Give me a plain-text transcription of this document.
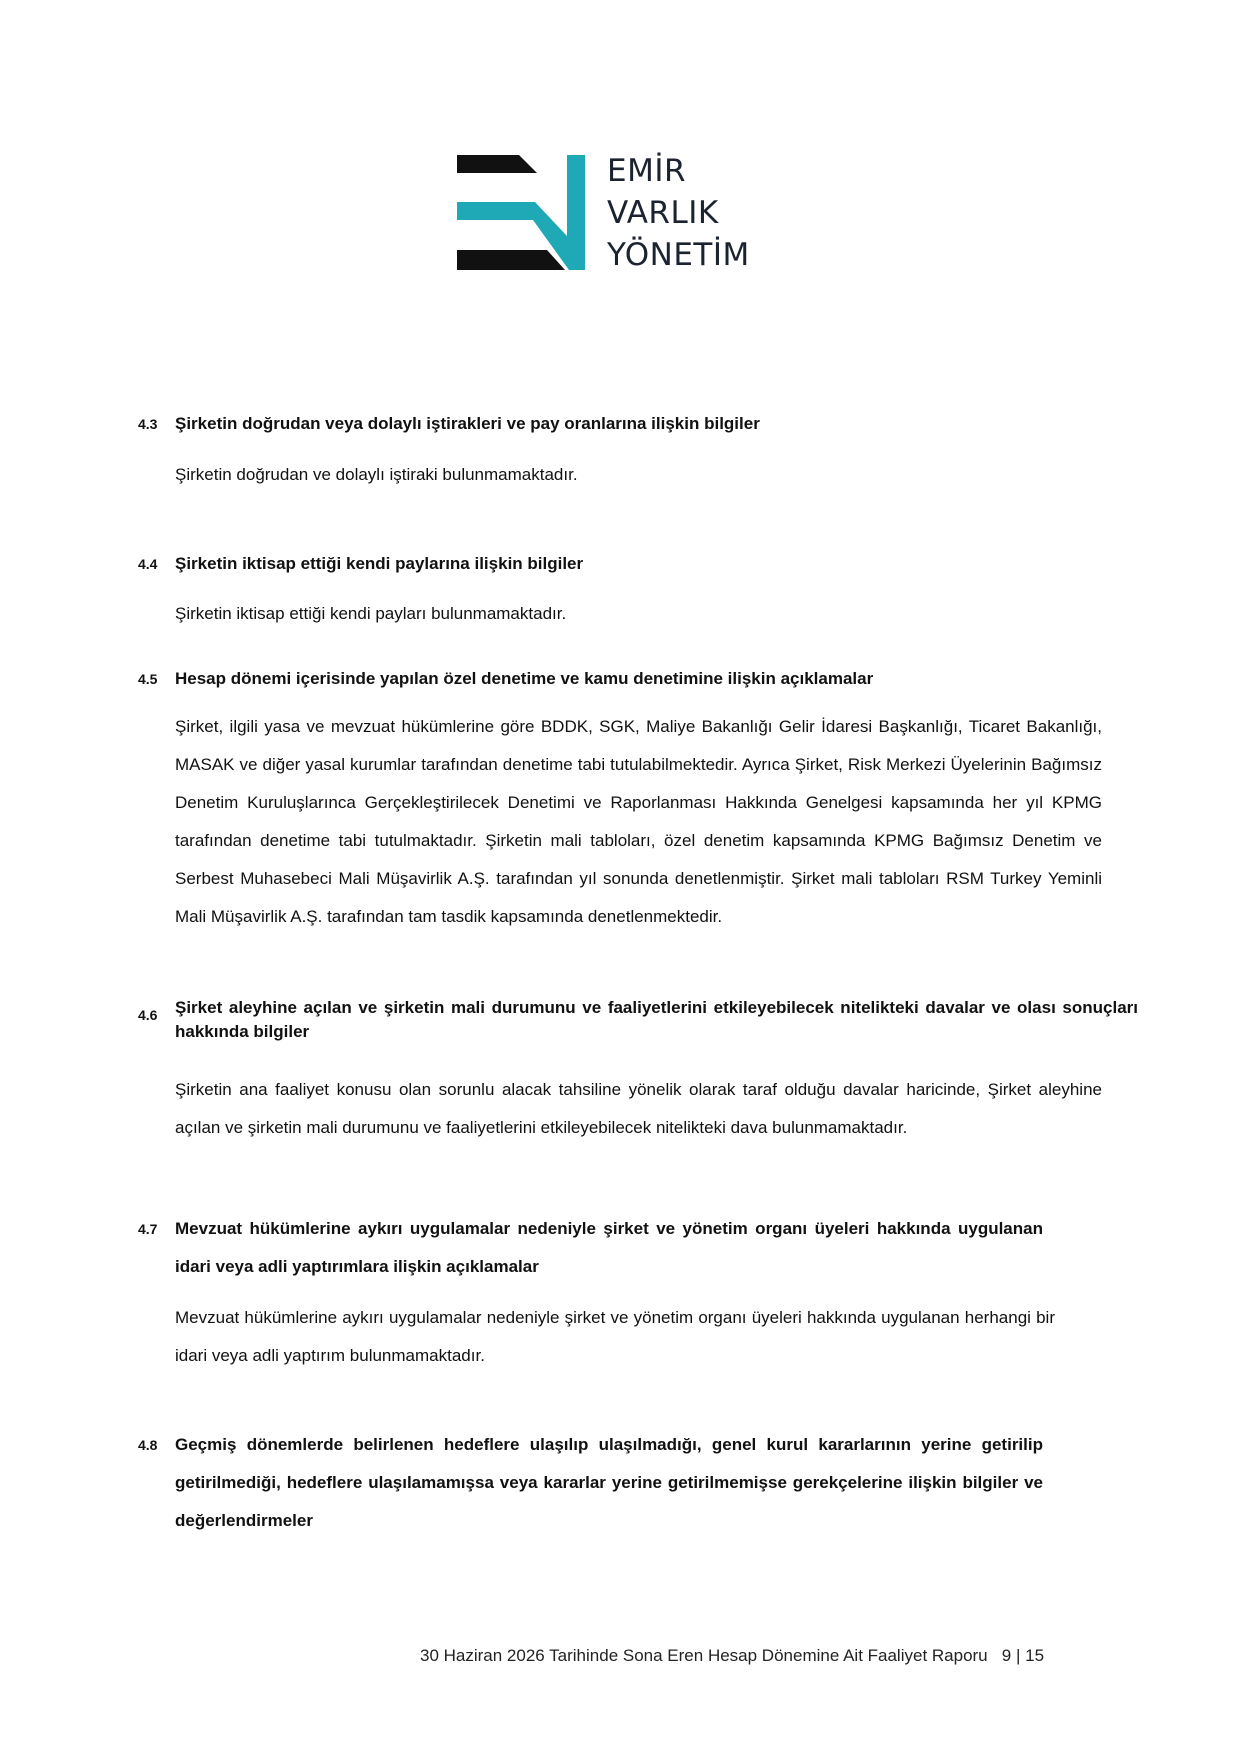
EMİR
VARLIK
YÖNETİM
4.3	Şirketin doğrudan veya dolaylı iştirakleri ve pay oranlarına ilişkin bilgiler
Şirketin doğrudan ve dolaylı iştiraki bulunmamaktadır.
4.4	Şirketin iktisap ettiği kendi paylarına ilişkin bilgiler
Şirketin iktisap ettiği kendi payları bulunmamaktadır.
4.5	Hesap dönemi içerisinde yapılan özel denetime ve kamu denetimine ilişkin açıklamalar
Şirket, ilgili yasa ve mevzuat hükümlerine göre BDDK, SGK, Maliye Bakanlığı Gelir İdaresi Başkanlığı, Ticaret Bakanlığı, MASAK ve diğer yasal kurumlar tarafından denetime tabi tutulabilmektedir. Ayrıca Şirket, Risk Merkezi Üyelerinin Bağımsız Denetim Kuruluşlarınca Gerçekleştirilecek Denetimi ve Raporlanması Hakkında Genelgesi kapsamında her yıl KPMG tarafından denetime tabi tutulmaktadır. Şirketin mali tabloları, özel denetim kapsamında KPMG Bağımsız Denetim ve Serbest Muhasebeci Mali Müşavirlik A.Ş. tarafından yıl sonunda denetlenmiştir. Şirket mali tabloları RSM Turkey Yeminli Mali Müşavirlik A.Ş. tarafından tam tasdik kapsamında denetlenmektedir.
4.6	Şirket aleyhine açılan ve şirketin mali durumunu ve faaliyetlerini etkileyebilecek nitelikteki davalar ve olası sonuçları hakkında bilgiler
Şirketin ana faaliyet konusu olan sorunlu alacak tahsiline yönelik olarak taraf olduğu davalar haricinde, Şirket aleyhine açılan ve şirketin mali durumunu ve faaliyetlerini etkileyebilecek nitelikteki dava bulunmamaktadır.
4.7	Mevzuat hükümlerine aykırı uygulamalar nedeniyle şirket ve yönetim organı üyeleri hakkında uygulanan idari veya adli yaptırımlara ilişkin açıklamalar
Mevzuat hükümlerine aykırı uygulamalar nedeniyle şirket ve yönetim organı üyeleri hakkında uygulanan herhangi bir idari veya adli yaptırım bulunmamaktadır.
4.8	Geçmiş dönemlerde belirlenen hedeflere ulaşılıp ulaşılmadığı, genel kurul kararlarının yerine getirilip getirilmediği, hedeflere ulaşılamamışsa veya kararlar yerine getirilmemişse gerekçelerine ilişkin bilgiler ve değerlendirmeler
30 Haziran 2026 Tarihinde Sona Eren Hesap Dönemine Ait Faaliyet Raporu   9 | 15
